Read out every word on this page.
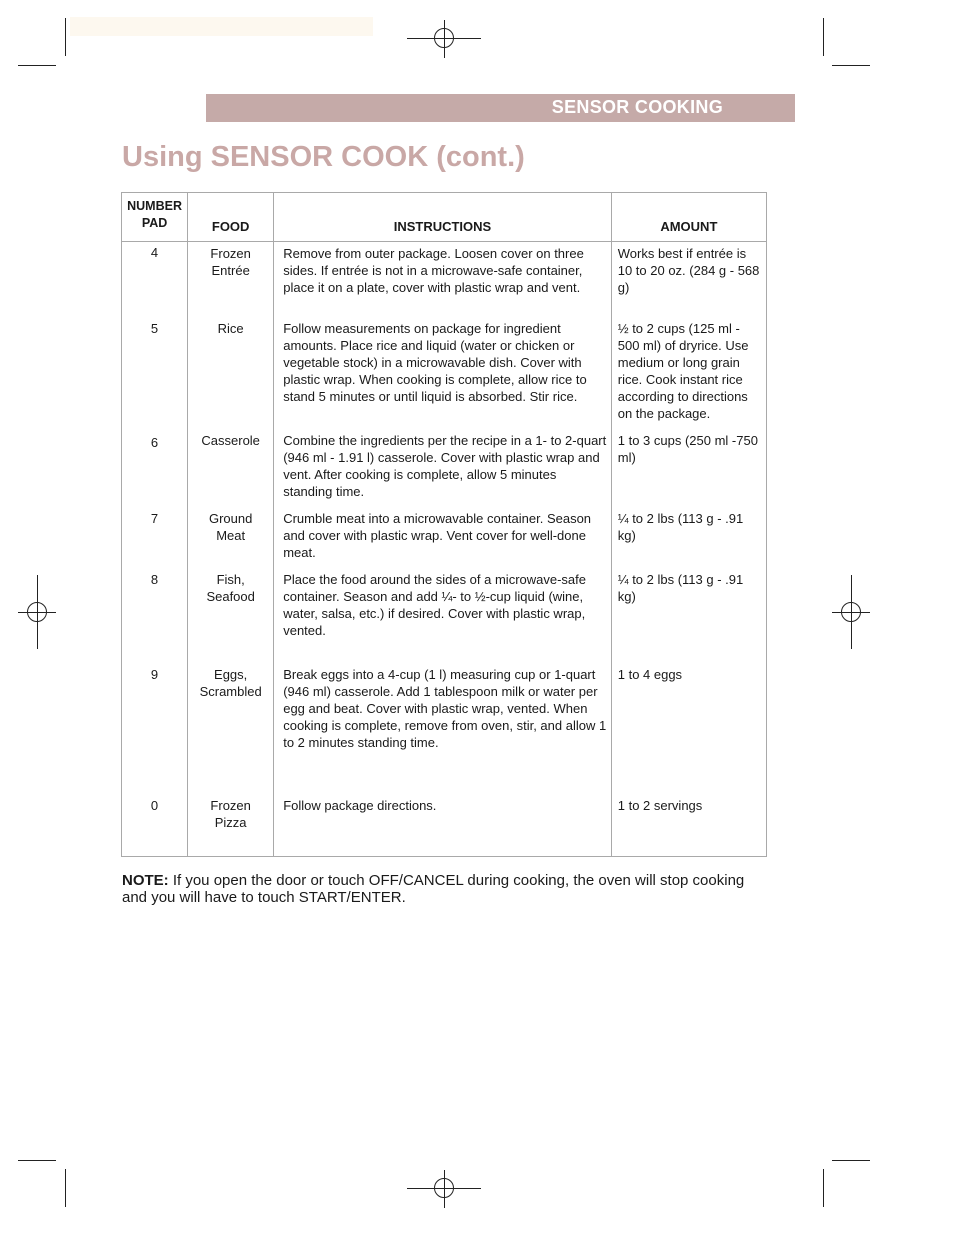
SENSOR COOKING
Using SENSOR COOK (cont.)
NUMBER PAD	FOOD	INSTRUCTIONS	AMOUNT
4	Frozen Entrée	Remove from outer package. Loosen cover on three sides. If entrée is not in a microwave-safe container, place it on a plate, cover with plastic wrap and vent.	Works best if entrée is 10 to 20 oz. (284 g - 568 g)
5	Rice	Follow measurements on package for ingredient amounts. Place rice and liquid (water or chicken or vegetable stock) in a microwavable dish. Cover with plastic wrap. When cooking is complete, allow rice to stand 5 minutes or until liquid is absorbed. Stir rice.	½ to 2 cups (125 ml - 500 ml) of dryrice. Use medium or long grain rice. Cook instant rice according to directions on the package.
6	Casserole	Combine the ingredients per the recipe in a 1- to 2-quart (946 ml - 1.91 l) casserole. Cover with plastic wrap and vent. After cooking is complete, allow 5 minutes standing time.	1 to 3 cups (250 ml -750 ml)
7	Ground Meat	Crumble meat into a microwavable container. Season and cover with plastic wrap. Vent cover for well-done meat.	¼ to 2 lbs (113 g - .91 kg)
8	Fish, Seafood	Place the food around the sides of a microwave-safe container. Season and add ¼- to ½-cup liquid (wine, water, salsa, etc.) if desired. Cover with plastic wrap, vented.	¼ to 2 lbs (113 g - .91 kg)
9	Eggs, Scrambled	Break eggs into a 4-cup (1 l) measuring cup or 1-quart (946 ml) casserole. Add 1 tablespoon milk or water per egg and beat. Cover with plastic wrap, vented. When cooking is complete, remove from oven, stir, and allow 1 to 2 minutes standing time.	1 to 4 eggs
0	Frozen Pizza	Follow package directions.	1 to 2 servings
NOTE: If you open the door or touch OFF/CANCEL during cooking, the oven will stop cooking and you will have to touch START/ENTER.
